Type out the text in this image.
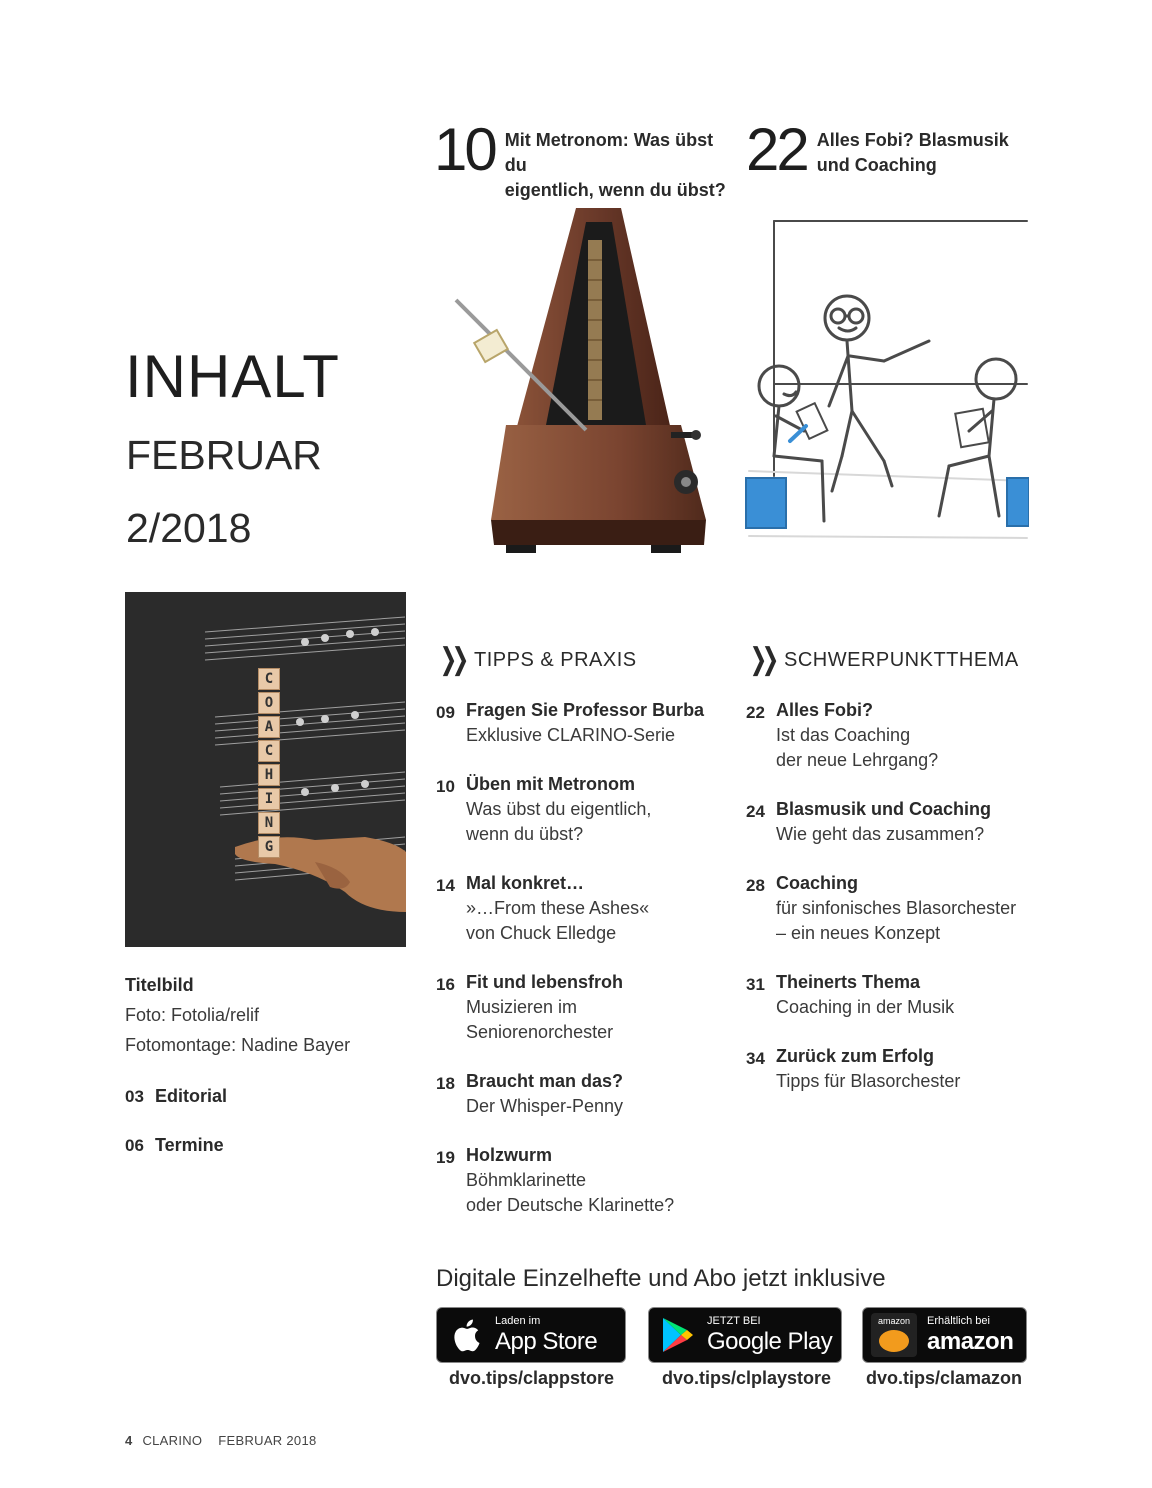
10 Mit Metronom: Was übst du
eigentlich, wenn du übst?
22 Alles Fobi? Blasmusik
und Coaching
INHALT
FEBRUAR
2/2018
C
O
A
C
H
I
N
G
❯❯ TIPPS & PRAXIS
09 Fragen Sie Professor Burba
Exklusive CLARINO-Serie
10 Üben mit Metronom
Was übst du eigentlich,
wenn du übst?
14 Mal konkret…
»…From these Ashes«
von Chuck Elledge
16 Fit und lebensfroh
Musizieren im
Seniorenorchester
18 Braucht man das?
Der Whisper-Penny
19 Holzwurm
Böhmklarinette
oder Deutsche Klarinette?
❯❯ SCHWERPUNKTTHEMA
22 Alles Fobi?
Ist das Coaching
der neue Lehrgang?
24 Blasmusik und Coaching
Wie geht das zusammen?
28 Coaching
für sinfonisches Blasorchester
– ein neues Konzept
31 Theinerts Thema
Coaching in der Musik
34 Zurück zum Erfolg
Tipps für Blasorchester
Titelbild
Foto: Fotolia/relif
Fotomontage: Nadine Bayer
03 Editorial
06 Termine
Digitale Einzelhefte und Abo jetzt inklusive
Laden im
App Store
JETZT BEI
Google Play
amazon	Erhältlich bei
amazon
dvo.tips/clappstore	dvo.tips/clplaystore dvo.tips/clamazon
4 CLARINO FEBRUAR 2018
